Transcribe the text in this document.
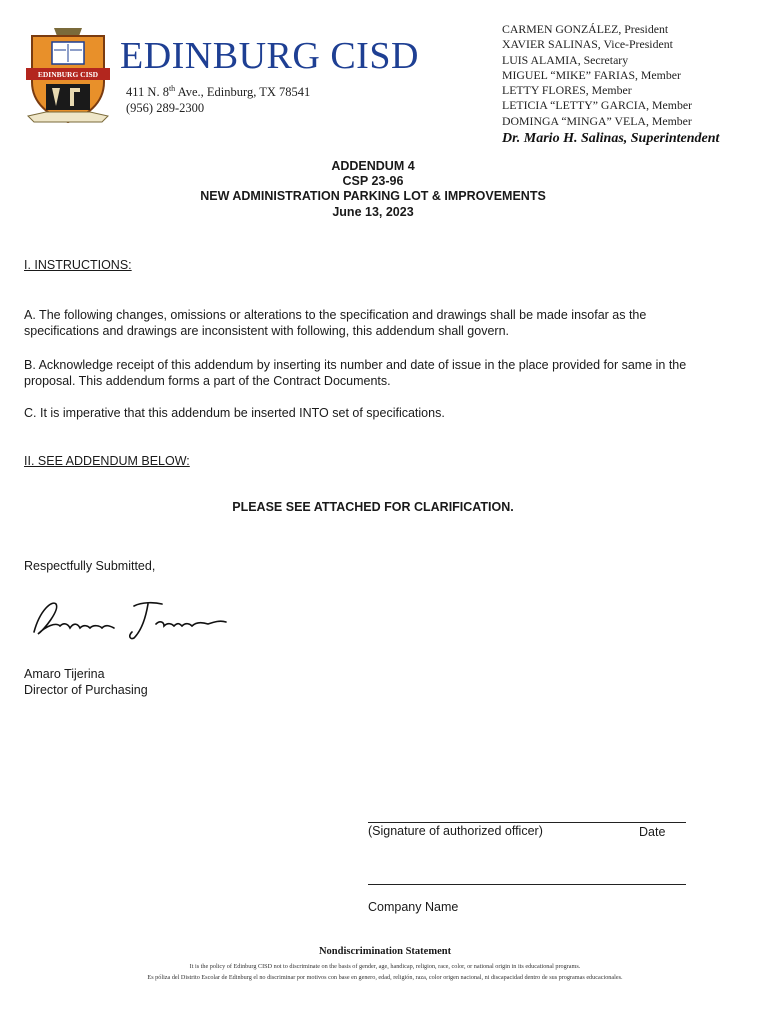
EDINBURG CISD EDINBURG CISD
411 N. 8th Ave., Edinburg, TX 78541
(956) 289-2300
CARMEN GONZÁLEZ, President
XAVIER SALINAS, Vice-President
LUIS ALAMIA, Secretary
MIGUEL “MIKE” FARIAS, Member
LETTY FLORES, Member
LETICIA “LETTY” GARCIA, Member
DOMINGA “MINGA” VELA, Member
Dr. Mario H. Salinas, Superintendent
ADDENDUM 4
CSP 23-96
NEW ADMINISTRATION PARKING LOT & IMPROVEMENTS
June 13, 2023
I. INSTRUCTIONS:
A. The following changes, omissions or alterations to the specification and drawings shall be made insofar as the specifications and drawings are inconsistent with following, this addendum shall govern.
B. Acknowledge receipt of this addendum by inserting its number and date of issue in the place provided for same in the proposal. This addendum forms a part of the Contract Documents.
C. It is imperative that this addendum be inserted INTO set of specifications.
II. SEE ADDENDUM BELOW:
PLEASE SEE ATTACHED FOR CLARIFICATION.
Respectfully Submitted,
Amaro Tijerina
Director of Purchasing
(Signature of authorized officer)	Date
Company Name
Nondiscrimination Statement
It is the policy of Edinburg CISD not to discriminate on the basis of gender, age, handicap, religion, race, color, or national origin in its educational programs.
Es póliza del Distrito Escolar de Edinburg el no discriminar por motivos con base en genero, edad, religión, raza, color origen nacional, ni discapacidad dentro de sus programas educacionales.
